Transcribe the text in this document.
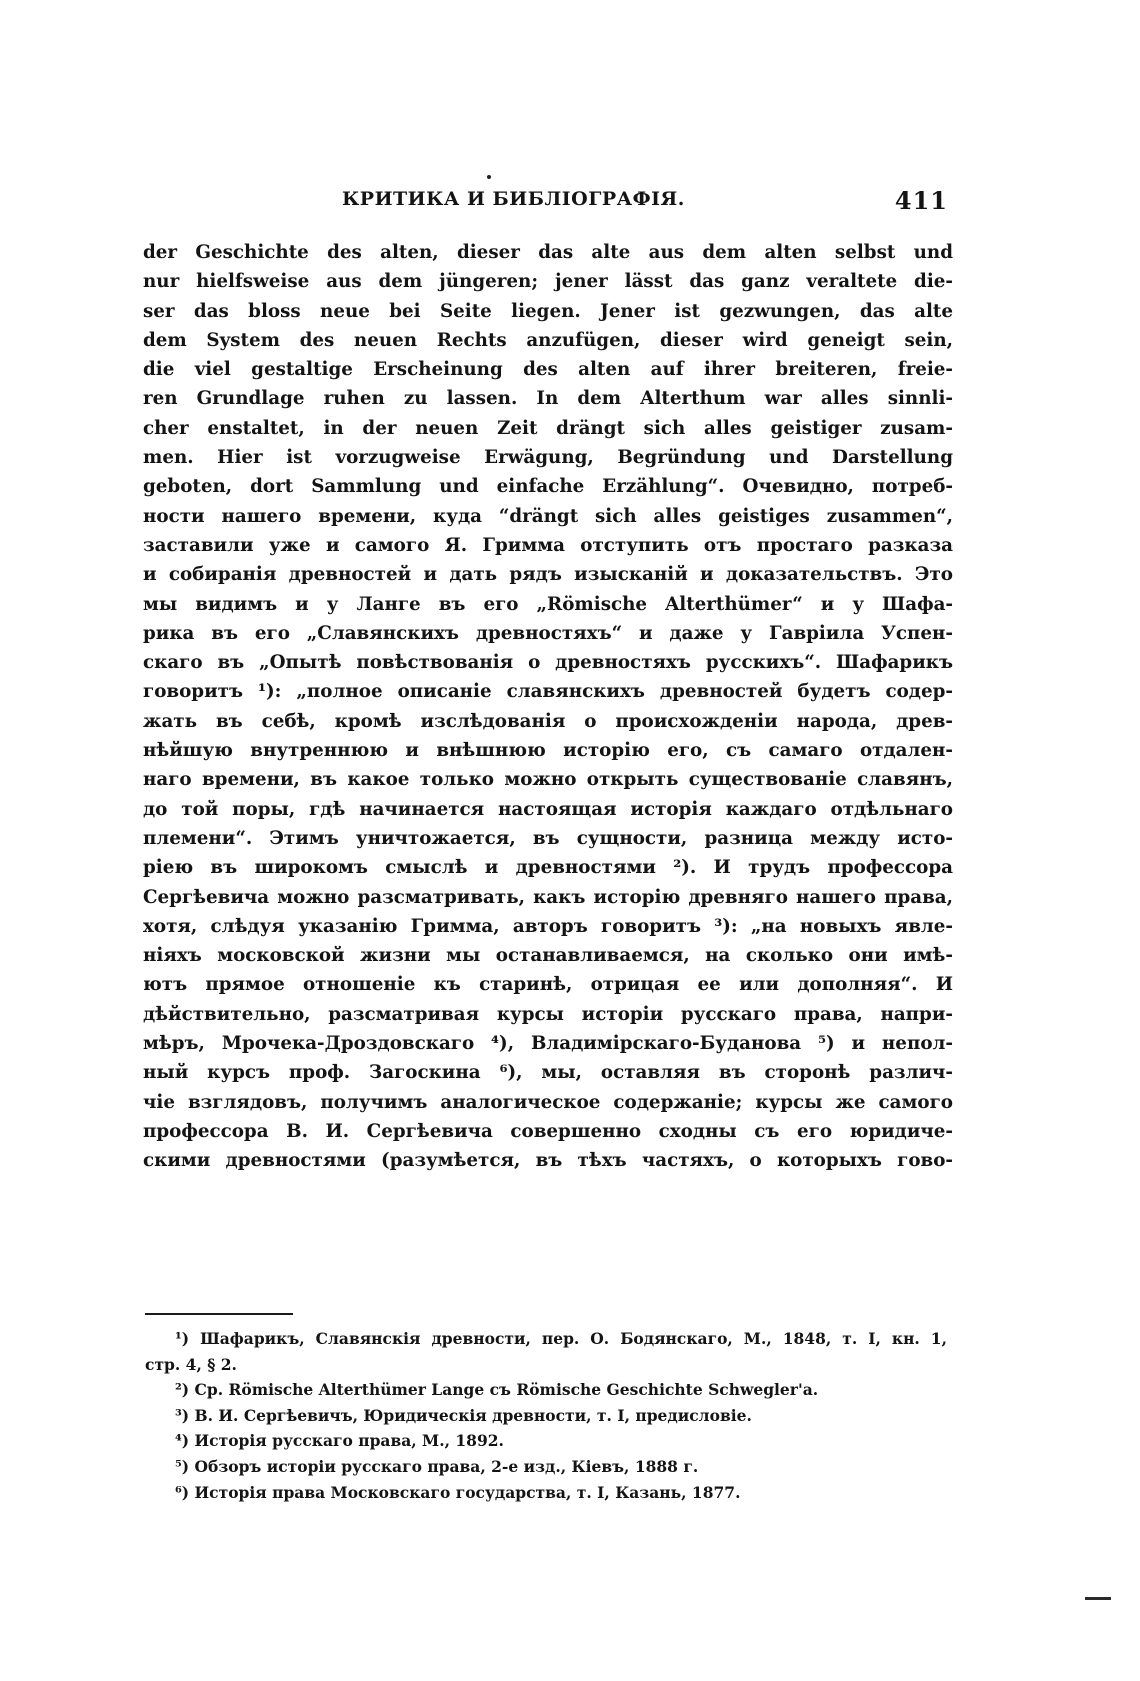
КРИТИКА И БИБЛІОГРАФІЯ.	411
der Geschichte des alten, dieser das alte aus dem alten selbst und
nur hielfsweise aus dem jüngeren; jener lässt das ganz veraltete die-
ser das bloss neue bei Seite liegen. Jener ist gezwungen, das alte
dem System des neuen Rechts anzufügen, dieser wird geneigt sein,
die viel gestaltige Erscheinung des alten auf ihrer breiteren, freie-
ren Grundlage ruhen zu lassen. In dem Alterthum war alles sinnli-
cher enstaltet, in der neuen Zeit drängt sich alles geistiger zusam-
men. Hier ist vorzugweise Erwägung, Begründung und Darstellung
geboten, dort Sammlung und einfache Erzählung“. Очевидно, потреб-
ности нашего времени, куда “drängt sich alles geistiges zusammen“,
заставили уже и самого Я. Гримма отступить отъ простаго разказа
и собиранія древностей и дать рядъ изысканій и доказательствъ. Это
мы видимъ и у Ланге въ его „Römische Alterthümer“ и у Шафа-
рика въ его „Славянскихъ древностяхъ“ и даже у Гавріила Успен-
скаго въ „Опытѣ повѣствованія о древностяхъ русскихъ“. Шафарикъ
говоритъ ¹): „полное описаніе славянскихъ древностей будетъ содер-
жать въ себѣ, кромѣ изслѣдованія о происхожденіи народа, древ-
нѣйшую внутреннюю и внѣшнюю исторію его, съ самаго отдален-
наго времени, въ какое только можно открыть существованіе славянъ,
до той поры, гдѣ начинается настоящая исторія каждаго отдѣльнаго
племени“. Этимъ уничтожается, въ сущности, разница между исто-
ріею въ широкомъ смыслѣ и древностями ²). И трудъ профессора
Сергѣевича можно разсматривать, какъ исторію древняго нашего права,
хотя, слѣдуя указанію Гримма, авторъ говоритъ ³): „на новыхъ явле-
ніяхъ московской жизни мы останавливаемся, на сколько они имѣ-
ютъ прямое отношеніе къ старинѣ, отрицая ее или дополняя“. И
дѣйствительно, разсматривая курсы исторіи русскаго права, напри-
мѣръ, Мрочека-Дроздовскаго ⁴), Владимірскаго-Буданова ⁵) и непол-
ный курсъ проф. Загоскина ⁶), мы, оставляя въ сторонѣ различ-
чіе взглядовъ, получимъ аналогическое содержаніе; курсы же самого
профессора В. И. Сергѣевича совершенно сходны съ его юридиче-
скими древностями (разумѣется, въ тѣхъ частяхъ, о которыхъ гово-
¹) Шафарикъ, Славянскія древности, пер. О. Бодянскаго, М., 1848, т. I, кн. 1,
стр. 4, § 2.
²) Ср. Römische Alterthümer Lange съ Römische Geschichte Schwegler'a.
³) В. И. Сергѣевичъ, Юридическія древности, т. I, предисловіе.
⁴) Исторія русскаго права, М., 1892.
⁵) Обзоръ исторіи русскаго права, 2-е изд., Кіевъ, 1888 г.
⁶) Исторія права Московскаго государства, т. I, Казань, 1877.
